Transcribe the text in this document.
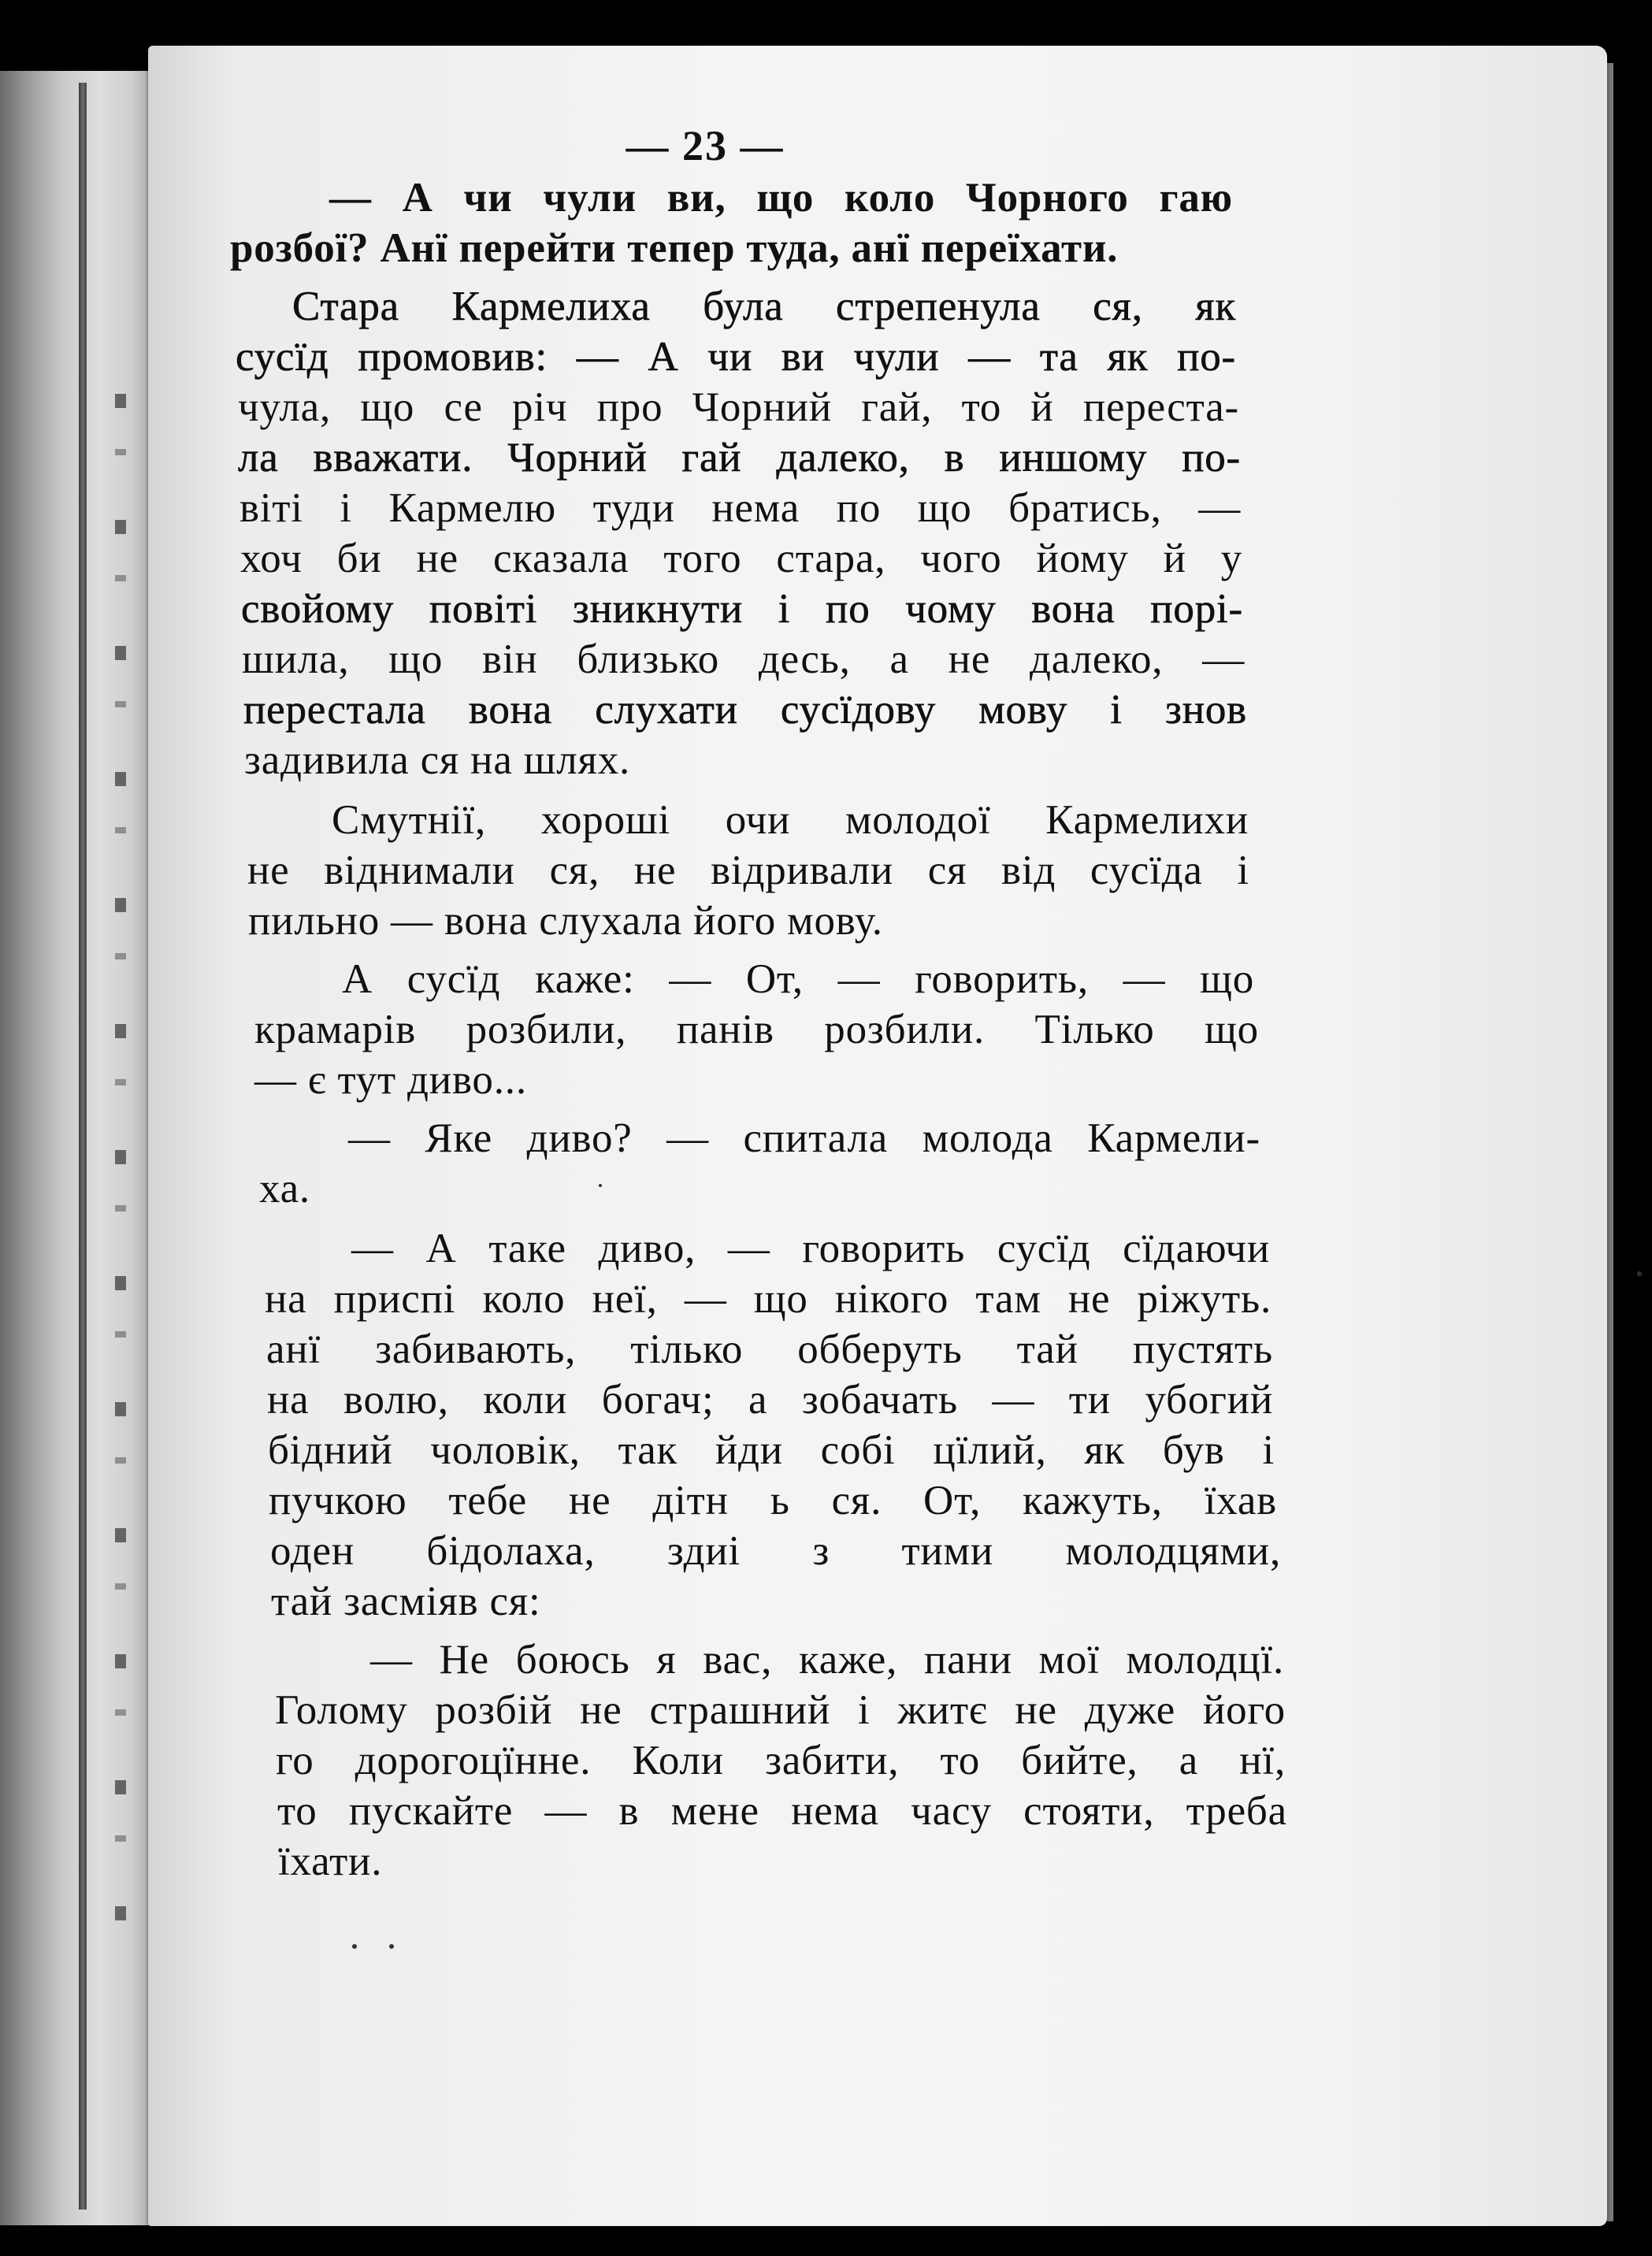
— 23 —
— А чи чули ви, що коло Чорного гаю
розбої? Анї перейти тепер туда, анї переїхати.
Стара Кармелиха була стрепенула ся, як
сусїд промовив: — А чи ви чули — та як по-
чула, що се річ про Чорний гай, то й переста-
ла вважати. Чорний гай далеко, в иншому по-
віті і Кармелю туди нема по що братись, —
хоч би не сказала того стара, чого йому й у
свойому повіті зникнути і по чому вона порі-
шила, що він близько десь, а не далеко, —
перестала вона слухати сусїдову мову і знов
задивила ся на шлях.
Смутнії, хороші очи молодої Кармелихи
не віднимали ся, не відривали ся від сусїда і
пильно — вона слухала його мову.
А сусїд каже: — От, — говорить, — що
крамарів розбили, панів розбили. Тілько що
— є тут диво...
— Яке диво? — спитала молода Кармели-
ха.
— А таке диво, — говорить сусїд сїдаючи
на приспі коло неї, — що нікого там не ріжуть.
анї забивають, тілько обберуть тай пустять
на волю, коли богач; а зобачать — ти убогий
бідний чоловік, так йди собі цїлий, як був і
пучкою тебе не дітн ь ся. От, кажуть, їхав
оден бідолаха, здиі з тими молодцями,
тай засміяв ся:
— Не боюсь я вас, каже, пани мої молодцї.
Голому розбій не страшний і житє не дуже його
го дорогоцїнне. Коли забити, то бийте, а нї,
то пускайте — в мене нема часу стояти, треба
їхати.
